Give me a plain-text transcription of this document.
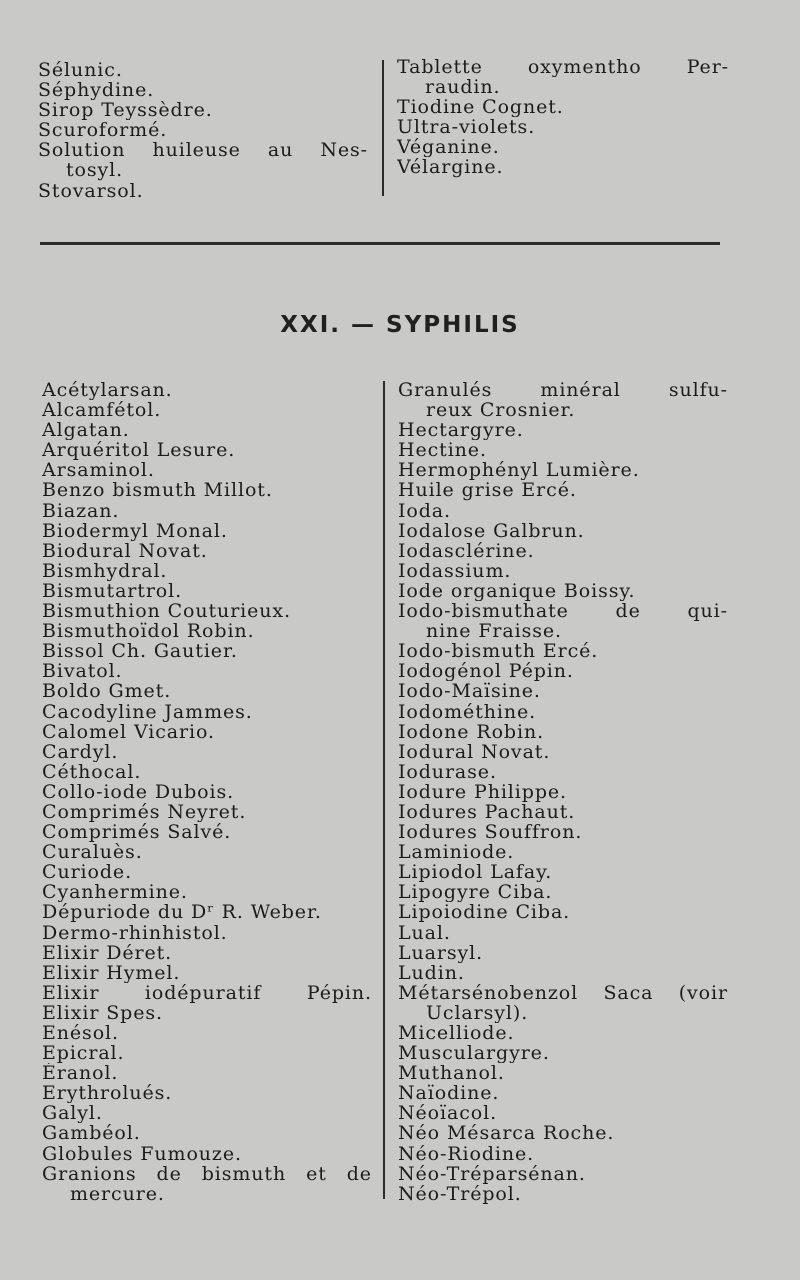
Sélunic.
Séphydine.
Sirop Teyssèdre.
Scuroformé.
Solution huileuse au Nes-
tosyl.
Stovarsol.
Tablette oxymentho Per-
raudin.
Tiodine Cognet.
Ultra-violets.
Véganine.
Vélargine.
XXI. — SYPHILIS
Acétylarsan.
Alcamfétol.
Algatan.
Arquéritol Lesure.
Arsaminol.
Benzo bismuth Millot.
Biazan.
Biodermyl Monal.
Biodural Novat.
Bismhydral.
Bismutartrol.
Bismuthion Couturieux.
Bismuthoïdol Robin.
Bissol Ch. Gautier.
Bivatol.
Boldo Gmet.
Cacodyline Jammes.
Calomel Vicario.
Cardyl.
Céthocal.
Collo-iode Dubois.
Comprimés Neyret.
Comprimés Salvé.
Curaluès.
Curiode.
Cyanhermine.
Dépuriode du Dʳ R. Weber.
Dermo-rhinhistol.
Elixir Déret.
Elixir Hymel.
Elixir iodépuratif Pépin.
Elixir Spes.
Enésol.
Epicral.
Éranol.
Erythrolués.
Galyl.
Gambéol.
Globules Fumouze.
Granions de bismuth et de
mercure.
Granulés	minéral	sulfu-
reux Crosnier.
Hectargyre.
Hectine.
Hermophényl Lumière.
Huile grise Ercé.
Ioda.
Iodalose Galbrun.
Iodasclérine.
Iodassium.
Iode organique Boissy.
Iodo-bismuthate de qui-
nine Fraisse.
Iodo-bismuth Ercé.
Iodogénol Pépin.
Iodo-Maïsine.
Iodométhine.
Iodone Robin.
Iodural Novat.
Iodurase.
Iodure Philippe.
Iodures Pachaut.
Iodures Souffron.
Laminiode.
Lipiodol Lafay.
Lipogyre Ciba.
Lipoiodine Ciba.
Lual.
Luarsyl.
Ludin.
Métarsénobenzol Saca (voir
Uclarsyl).
Micelliode.
Musculargyre.
Muthanol.
Naïodine.
Néoïacol.
Néo Mésarca Roche.
Néo-Riodine.
Néo-Tréparsénan.
Néo-Trépol.
